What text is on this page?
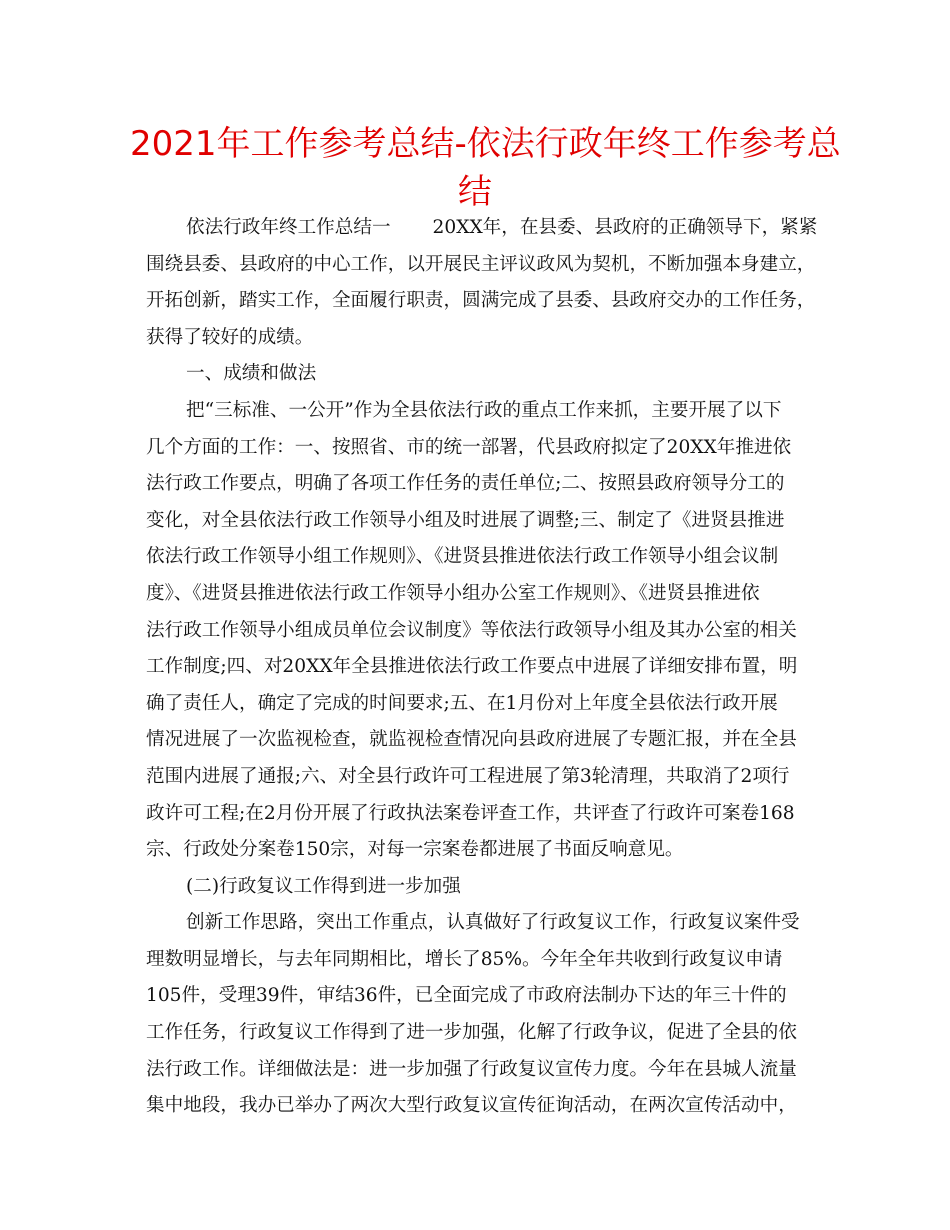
2021年工作参考总结-依法行政年终工作参考总
结
依法行政年终工作总结一 20XX年，在县委、县政府的正确领导下，紧紧
围绕县委、县政府的中心工作，以开展民主评议政风为契机，不断加强本身建立，
开拓创新，踏实工作，全面履行职责，圆满完成了县委、县政府交办的工作任务，
获得了较好的成绩。
一、成绩和做法
把“三标准、一公开”作为全县依法行政的重点工作来抓，主要开展了以下
几个方面的工作：一、按照省、市的统一部署，代县政府拟定了20XX年推进依
法行政工作要点，明确了各项工作任务的责任单位;二、按照县政府领导分工的
变化，对全县依法行政工作领导小组及时进展了调整;三、制定了《进贤县推进
依法行政工作领导小组工作规则》、《进贤县推进依法行政工作领导小组会议制
度》、《进贤县推进依法行政工作领导小组办公室工作规则》、《进贤县推进依
法行政工作领导小组成员单位会议制度》等依法行政领导小组及其办公室的相关
工作制度;四、对20XX年全县推进依法行政工作要点中进展了详细安排布置，明
确了责任人，确定了完成的时间要求;五、在1月份对上年度全县依法行政开展
情况进展了一次监视检查，就监视检查情况向县政府进展了专题汇报，并在全县
范围内进展了通报;六、对全县行政许可工程进展了第3轮清理，共取消了2项行
政许可工程;在2月份开展了行政执法案卷评查工作，共评查了行政许可案卷168
宗、行政处分案卷150宗，对每一宗案卷都进展了书面反响意见。
(二)行政复议工作得到进一步加强
创新工作思路，突出工作重点，认真做好了行政复议工作，行政复议案件受
理数明显增长，与去年同期相比，增长了85%。今年全年共收到行政复议申请
105件，受理39件，审结36件，已全面完成了市政府法制办下达的年三十件的
工作任务，行政复议工作得到了进一步加强，化解了行政争议，促进了全县的依
法行政工作。详细做法是：进一步加强了行政复议宣传力度。今年在县城人流量
集中地段，我办已举办了两次大型行政复议宣传征询活动，在两次宣传活动中，
